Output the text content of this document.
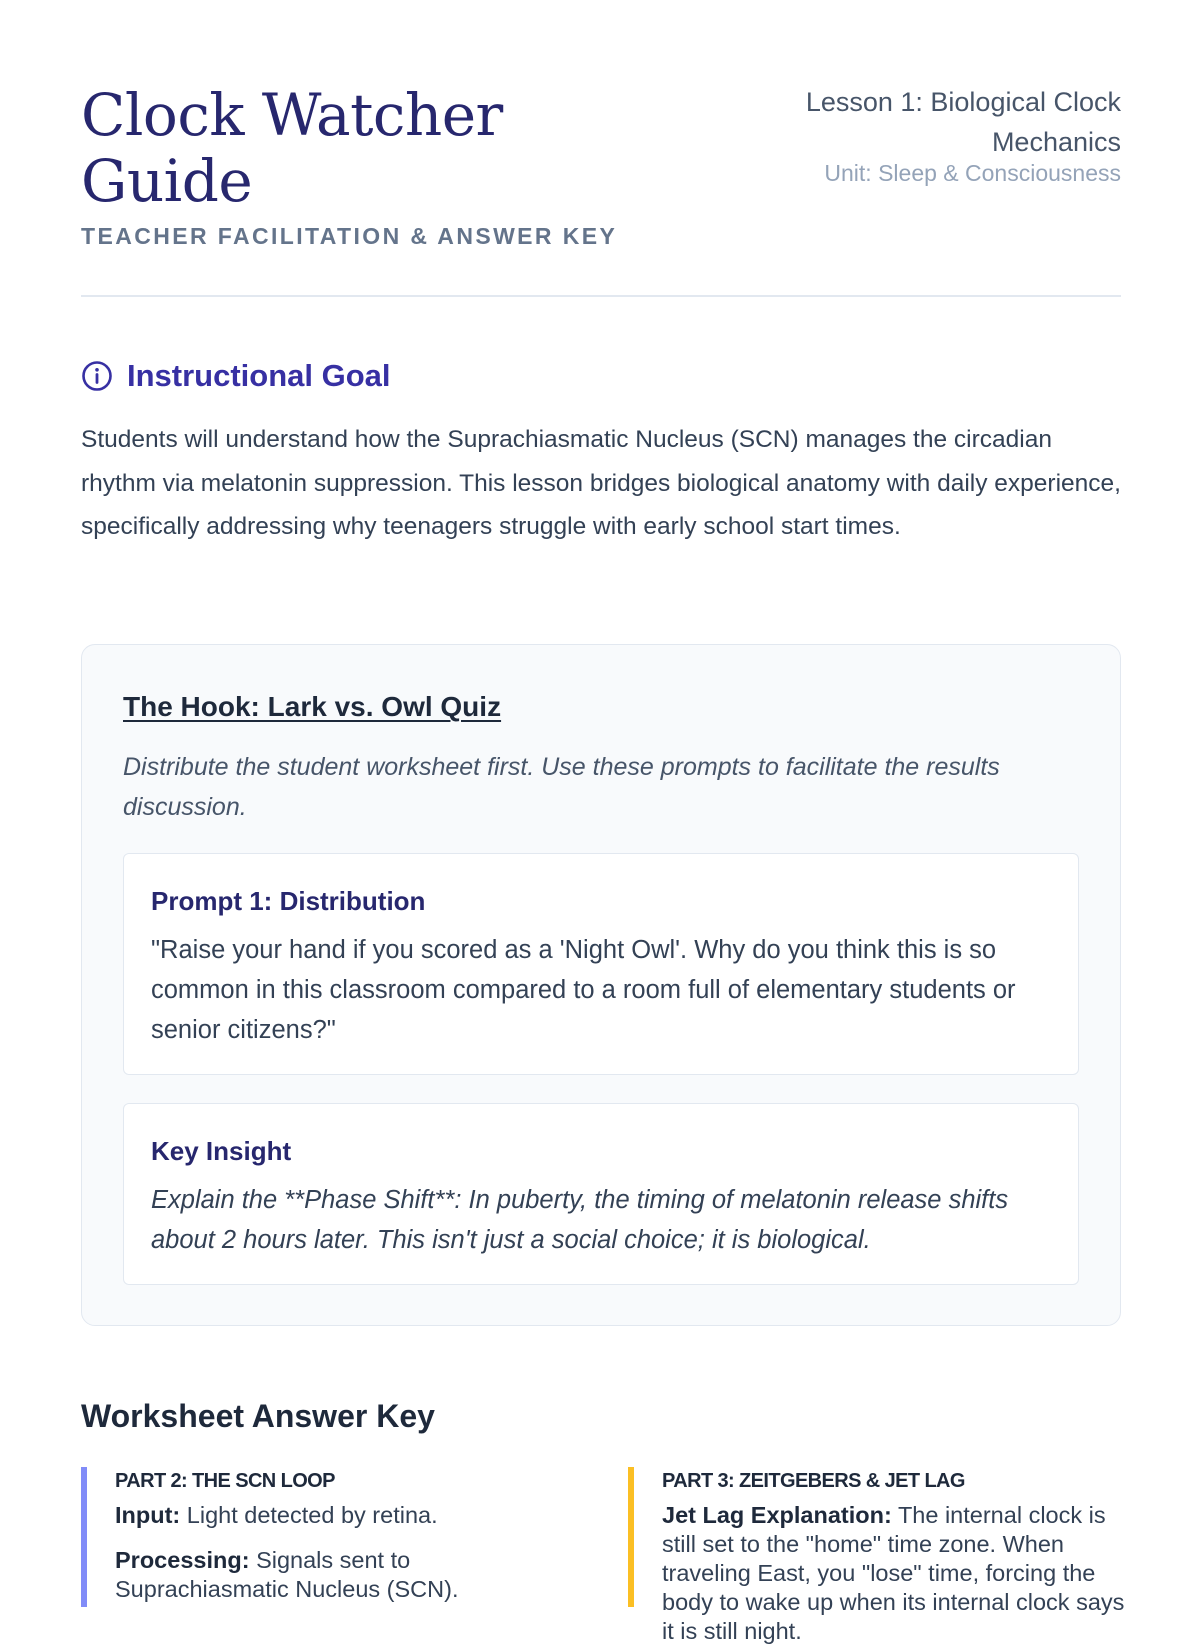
Clock Watcher Guide
TEACHER FACILITATION & ANSWER KEY
Lesson 1: Biological Clock Mechanics
Unit: Sleep & Consciousness
Instructional Goal

Students will understand how the Suprachiasmatic Nucleus (SCN) manages the circadian rhythm via melatonin suppression. This lesson bridges biological anatomy with daily experience, specifically addressing why teenagers struggle with early school start times.

The Hook: Lark vs. Owl Quiz

Distribute the student worksheet first. Use these prompts to facilitate the results discussion.

Prompt 1: Distribution

"Raise your hand if you scored as a 'Night Owl'. Why do you think this is so common in this classroom compared to a room full of elementary students or senior citizens?"

Key Insight

Explain the **Phase Shift**: In puberty, the timing of melatonin release shifts about 2 hours later. This isn't just a social choice; it is biological.

Worksheet Answer Key
PART 2: THE SCN LOOP

Input: Light detected by retina.

Processing: Signals sent to Suprachiasmatic Nucleus (SCN).

PART 3: ZEITGEBERS & JET LAG

Jet Lag Explanation: The internal clock is still set to the "home" time zone. When traveling East, you "lose" time, forcing the body to wake up when its internal clock says it is still night.
